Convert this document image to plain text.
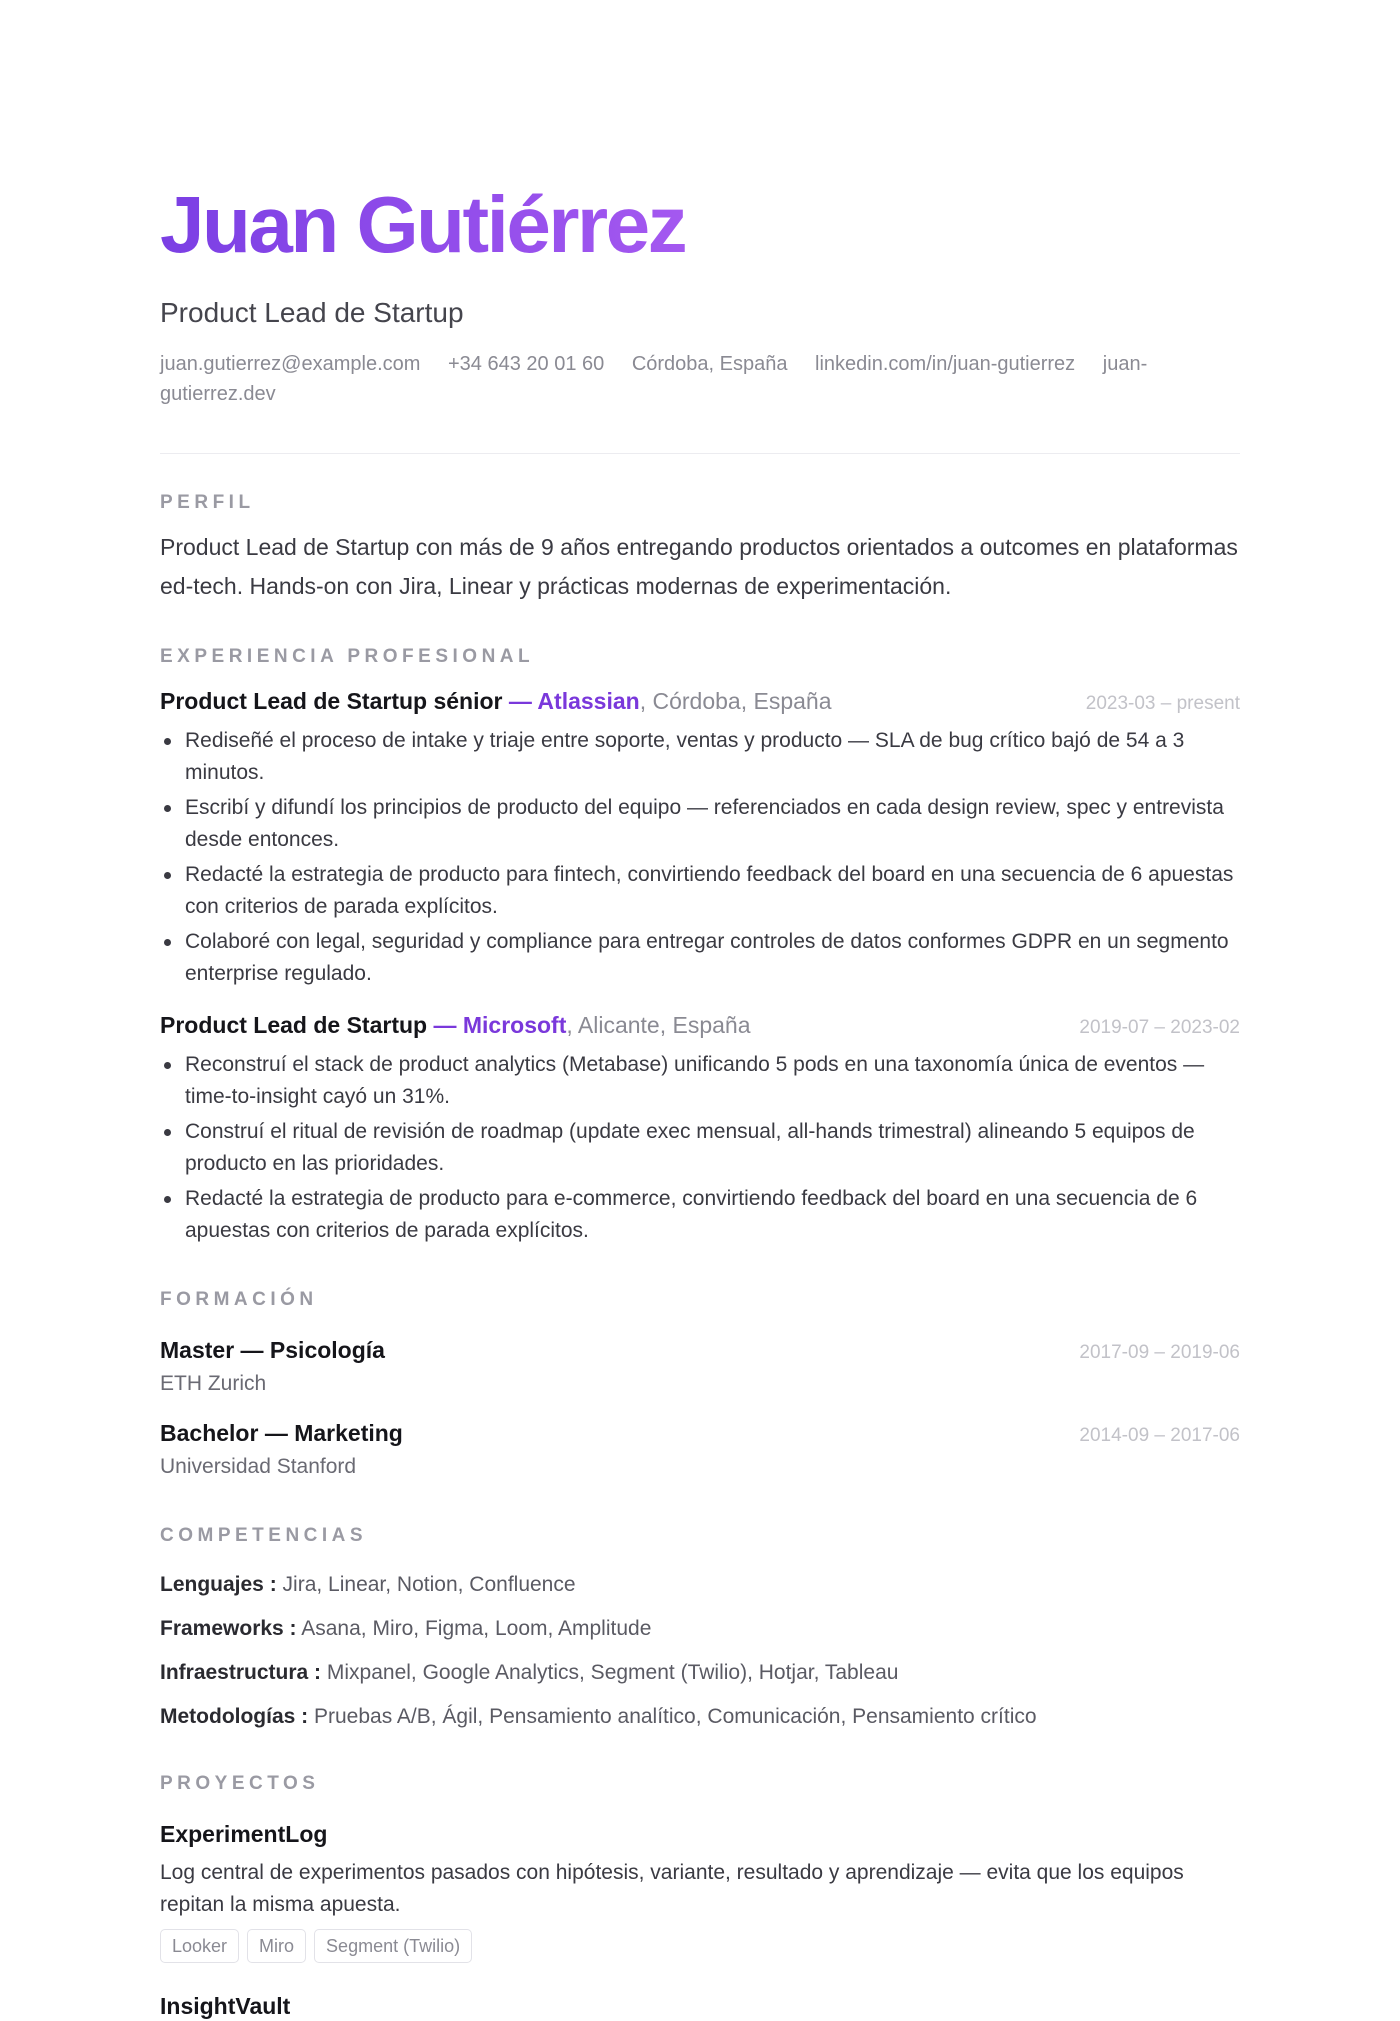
Juan Gutiérrez
Product Lead de Startup
juan.gutierrez@example.com +34 643 20 01 60 Córdoba, España linkedin.com/in/juan-gutierrez juan-gutierrez.dev
PERFIL

Product Lead de Startup con más de 9 años entregando productos orientados a outcomes en plataformas ed-tech. Hands-on con Jira, Linear y prácticas modernas de experimentación.

EXPERIENCIA PROFESIONAL
Product Lead de Startup sénior — Atlassian, Córdoba, España	2023-03 – present
Rediseñé el proceso de intake y triaje entre soporte, ventas y producto — SLA de bug crítico bajó de 54 a 3 minutos.
Escribí y difundí los principios de producto del equipo — referenciados en cada design review, spec y entrevista desde entonces.
Redacté la estrategia de producto para fintech, convirtiendo feedback del board en una secuencia de 6 apuestas con criterios de parada explícitos.
Colaboré con legal, seguridad y compliance para entregar controles de datos conformes GDPR en un segmento enterprise regulado.
Product Lead de Startup — Microsoft, Alicante, España	2019-07 – 2023-02
Reconstruí el stack de product analytics (Metabase) unificando 5 pods en una taxonomía única de eventos — time-to-insight cayó un 31%.
Construí el ritual de revisión de roadmap (update exec mensual, all-hands trimestral) alineando 5 equipos de producto en las prioridades.
Redacté la estrategia de producto para e-commerce, convirtiendo feedback del board en una secuencia de 6 apuestas con criterios de parada explícitos.
FORMACIÓN
Master — Psicología	2017-09 – 2019-06
ETH Zurich
Bachelor — Marketing	2014-09 – 2017-06
Universidad Stanford
COMPETENCIAS
Lenguajes : Jira, Linear, Notion, Confluence
Frameworks : Asana, Miro, Figma, Loom, Amplitude
Infraestructura : Mixpanel, Google Analytics, Segment (Twilio), Hotjar, Tableau
Metodologías : Pruebas A/B, Ágil, Pensamiento analítico, Comunicación, Pensamiento crítico
PROYECTOS
ExperimentLog
Log central de experimentos pasados con hipótesis, variante, resultado y aprendizaje — evita que los equipos repitan la misma apuesta.
Looker	Miro	Segment (Twilio)
InsightVault
